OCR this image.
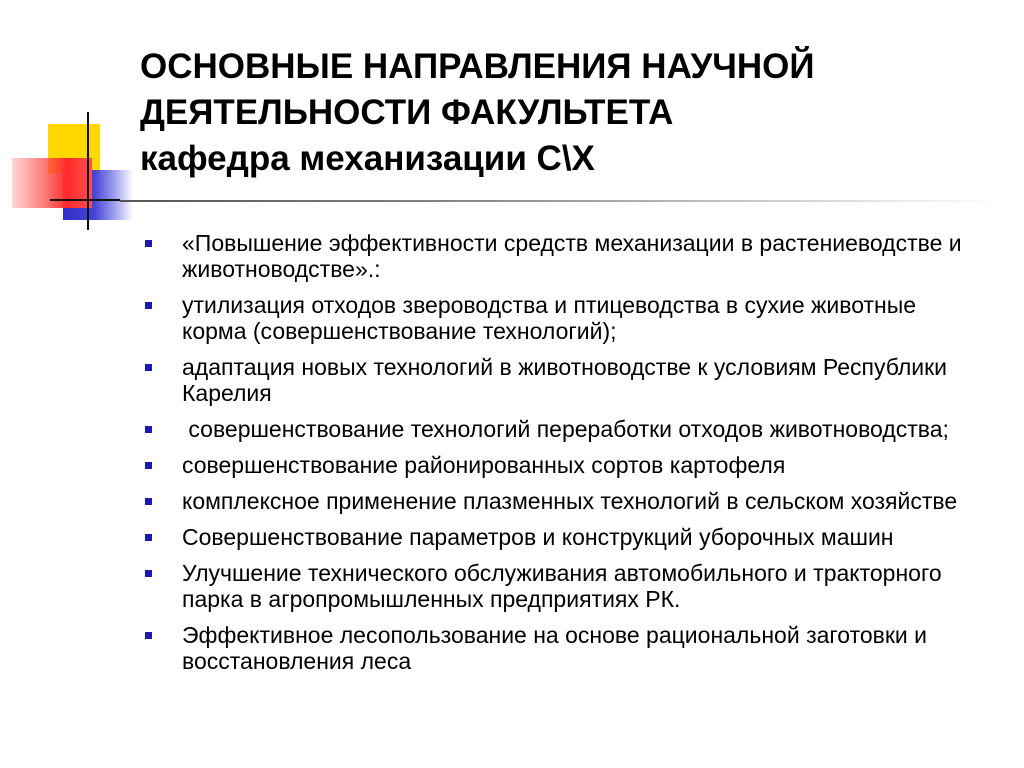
ОСНОВНЫЕ НАПРАВЛЕНИЯ НАУЧНОЙ
ДЕЯТЕЛЬНОСТИ ФАКУЛЬТЕТА
кафедра механизации С\Х
«Повышение эффективности средств механизации в растениеводстве и животноводстве».:
утилизация отходов звероводства и птицеводства в сухие животные корма (совершенствование технологий);
адаптация новых технологий в животноводстве к условиям Республики Карелия
совершенствование технологий переработки отходов животноводства;
совершенствование районированных сортов картофеля
комплексное применение плазменных технологий в сельском хозяйстве
Совершенствование параметров и конструкций уборочных машин
Улучшение технического обслуживания автомобильного и тракторного парка в агропромышленных предприятиях РК.
Эффективное лесопользование на основе рациональной заготовки и восстановления леса
